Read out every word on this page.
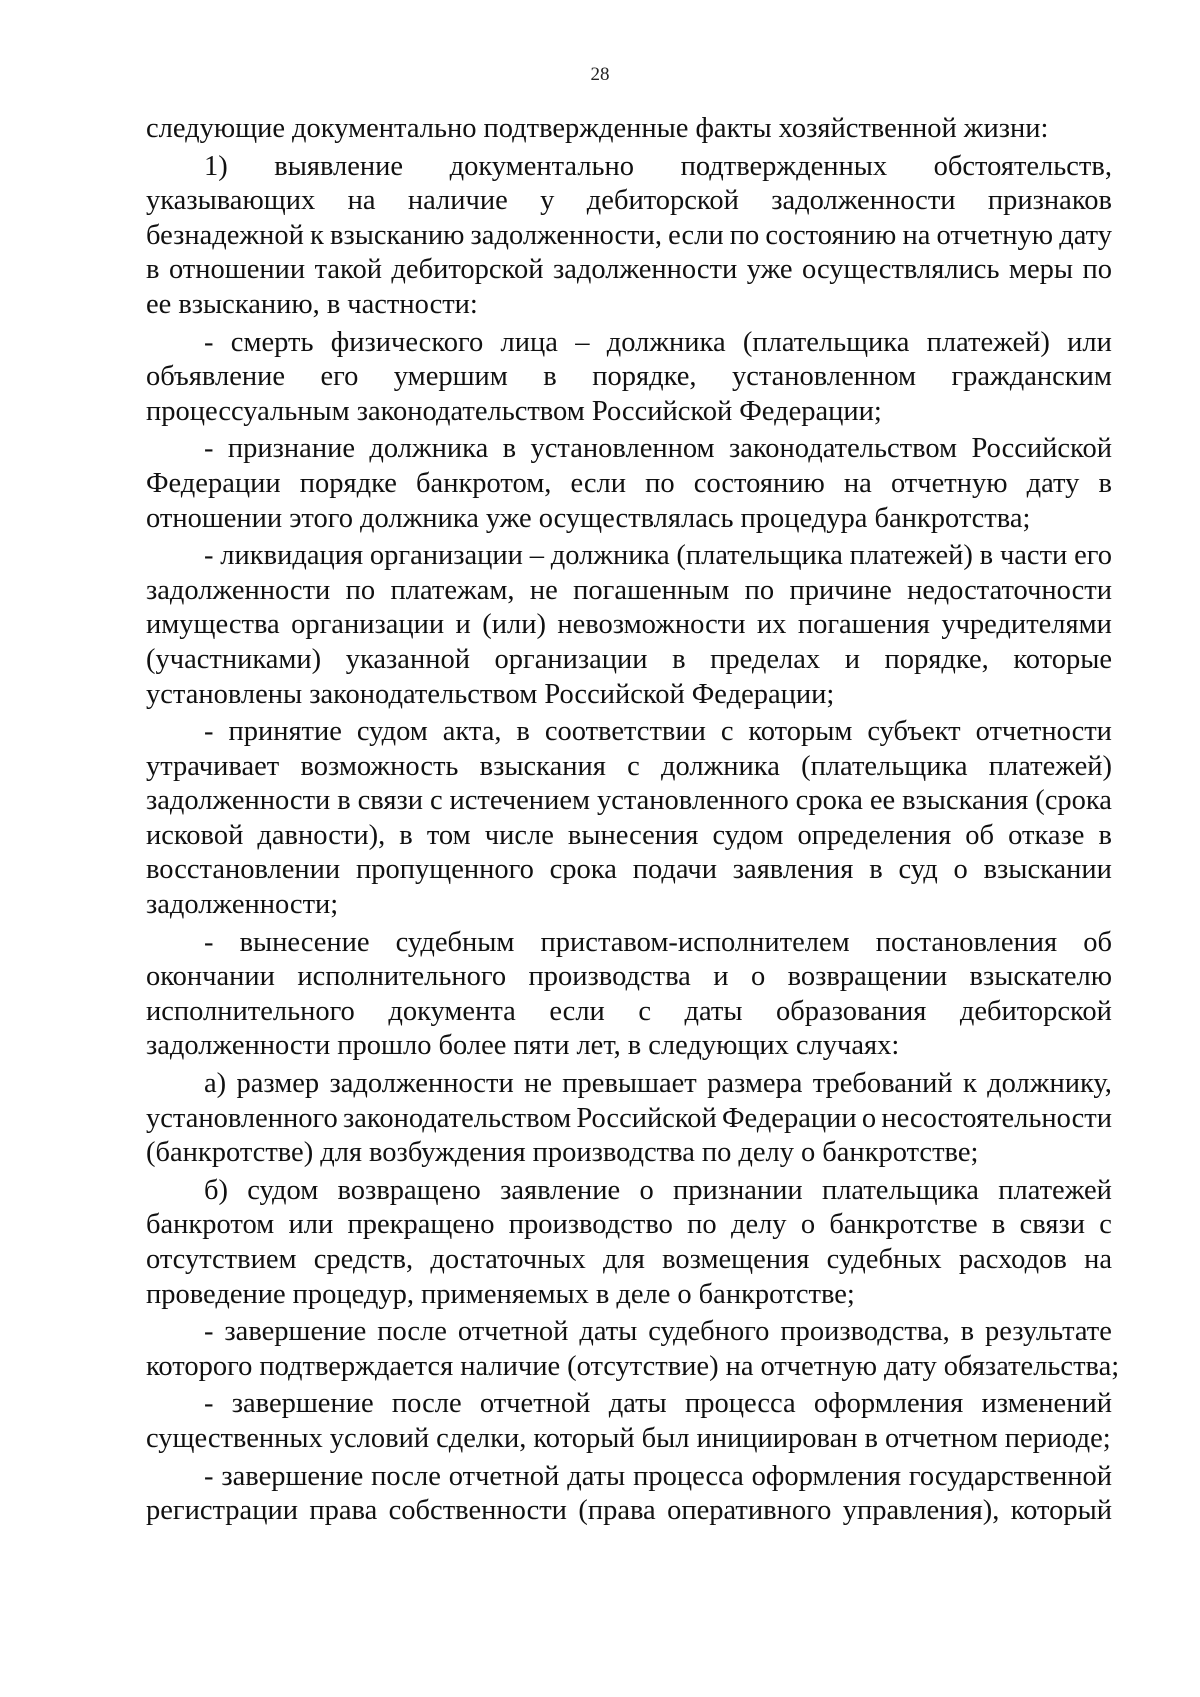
28
следующие документально подтвержденные факты хозяйственной жизни:
1) выявление документально подтвержденных обстоятельств,
указывающих на наличие у дебиторской задолженности признаков
безнадежной к взысканию задолженности, если по состоянию на отчетную дату
в отношении такой дебиторской задолженности уже осуществлялись меры по
ее взысканию, в частности:
- смерть физического лица – должника (плательщика платежей) или
объявление его умершим в порядке, установленном гражданским
процессуальным законодательством Российской Федерации;
- признание должника в установленном законодательством Российской
Федерации порядке банкротом, если по состоянию на отчетную дату в
отношении этого должника уже осуществлялась процедура банкротства;
- ликвидация организации – должника (плательщика платежей) в части его
задолженности по платежам, не погашенным по причине недостаточности
имущества организации и (или) невозможности их погашения учредителями
(участниками) указанной организации в пределах и порядке, которые
установлены законодательством Российской Федерации;
- принятие судом акта, в соответствии с которым субъект отчетности
утрачивает возможность взыскания с должника (плательщика платежей)
задолженности в связи с истечением установленного срока ее взыскания (срока
исковой давности), в том числе вынесения судом определения об отказе в
восстановлении пропущенного срока подачи заявления в суд о взыскании
задолженности;
- вынесение судебным приставом-исполнителем постановления об
окончании исполнительного производства и о возвращении взыскателю
исполнительного документа если с даты образования дебиторской
задолженности прошло более пяти лет, в следующих случаях:
а) размер задолженности не превышает размера требований к должнику,
установленного законодательством Российской Федерации о несостоятельности
(банкротстве) для возбуждения производства по делу о банкротстве;
б) судом возвращено заявление о признании плательщика платежей
банкротом или прекращено производство по делу о банкротстве в связи с
отсутствием средств, достаточных для возмещения судебных расходов на
проведение процедур, применяемых в деле о банкротстве;
- завершение после отчетной даты судебного производства, в результате
которого подтверждается наличие (отсутствие) на отчетную дату обязательства;
- завершение после отчетной даты процесса оформления изменений
существенных условий сделки, который был инициирован в отчетном периоде;
- завершение после отчетной даты процесса оформления государственной
регистрации права собственности (права оперативного управления), который
